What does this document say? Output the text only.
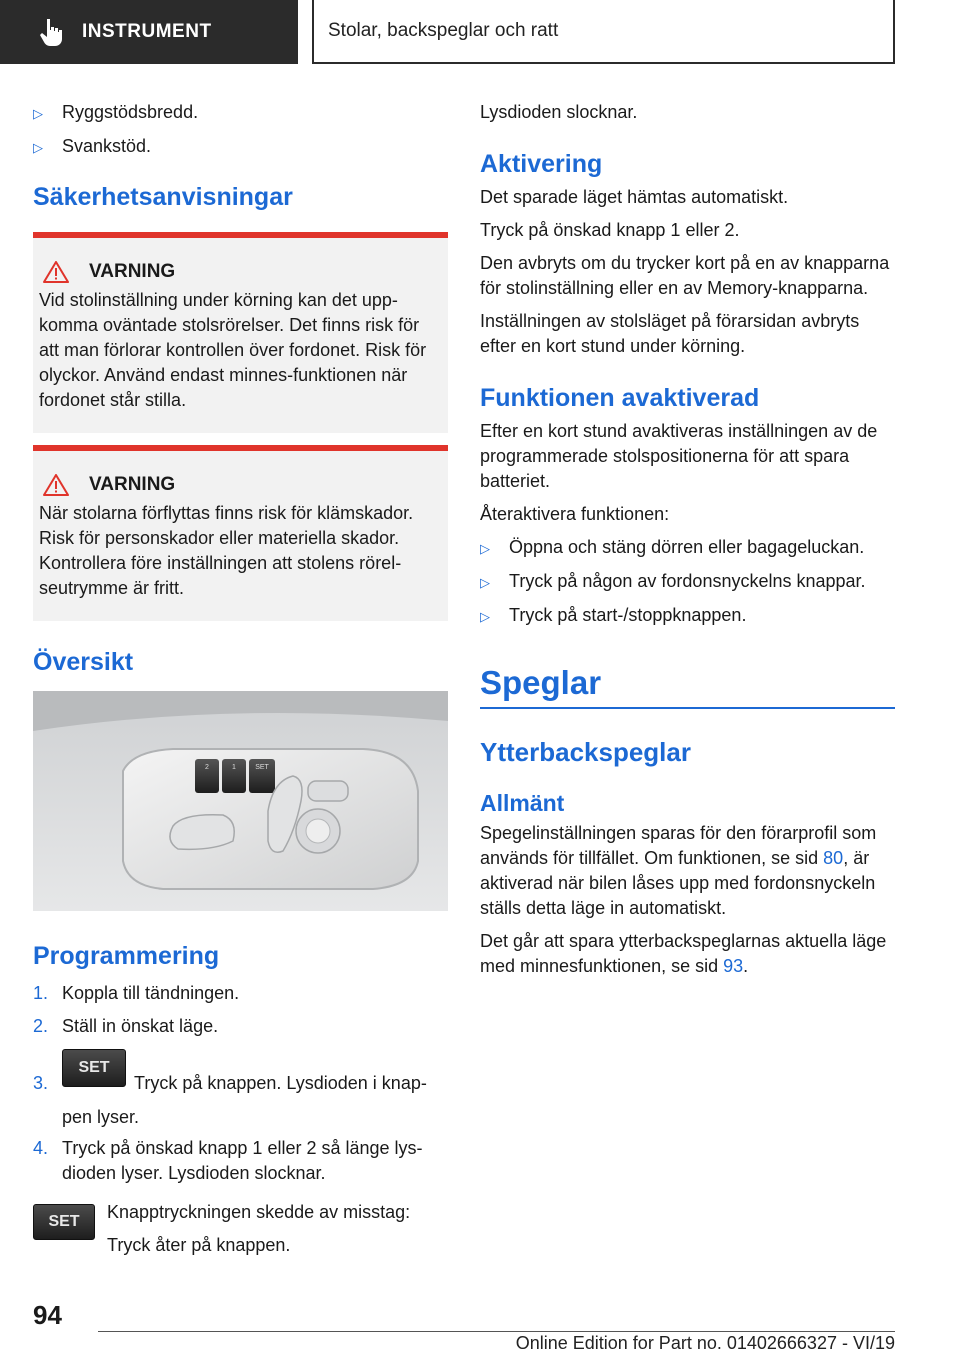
INSTRUMENT	Stolar, backspeglar och ratt
▷	Ryggstödsbredd.
▷	Svankstöd.
Säkerhetsanvisningar
VARNING
Vid stolinställning under körning kan det uppkomma oväntade stolsrörelser. Det finns risk för att man förlorar kontrollen över fordonet. Risk för olyckor. Använd endast minnes-funktionen när fordonet står stilla.
VARNING
När stolarna förflyttas finns risk för klämskador. Risk för personskador eller materiella skador. Kontrollera före inställningen att stolens rörelseutrymme är fritt.
Översikt
2	1	SET
Programmering
1. Koppla till tändningen.
2. Ställ in önskat läge.
3.
SETTryck på knappen. Lysdioden i knappen lyser.
4. Tryck på önskad knapp 1 eller 2 så länge lysdioden lyser. Lysdioden slocknar.
SET	Knapptryckningen skedde av misstag:
Tryck åter på knappen.
Lysdioden slocknar.
Aktivering
Det sparade läget hämtas automatiskt.
Tryck på önskad knapp 1 eller 2.
Den avbryts om du trycker kort på en av knapparna för stolinställning eller en av Memory-knapparna.
Inställningen av stolsläget på förarsidan avbryts efter en kort stund under körning.
Funktionen avaktiverad
Efter en kort stund avaktiveras inställningen av de programmerade stolspositionerna för att spara batteriet.
Återaktivera funktionen:
▷	Öppna och stäng dörren eller bagageluckan.
▷	Tryck på någon av fordonsnyckelns knappar.
▷	Tryck på start-/stoppknappen.
Speglar
Ytterbackspeglar
Allmänt
Spegelinställningen sparas för den förarprofil som används för tillfället. Om funktionen, se sid 80, är aktiverad när bilen låses upp med fordonsnyckeln ställs detta läge in automatiskt.
Det går att spara ytterbackspeglarnas aktuella läge med minnesfunktionen, se sid 93.
94
Online Edition for Part no. 01402666327 - VI/19
